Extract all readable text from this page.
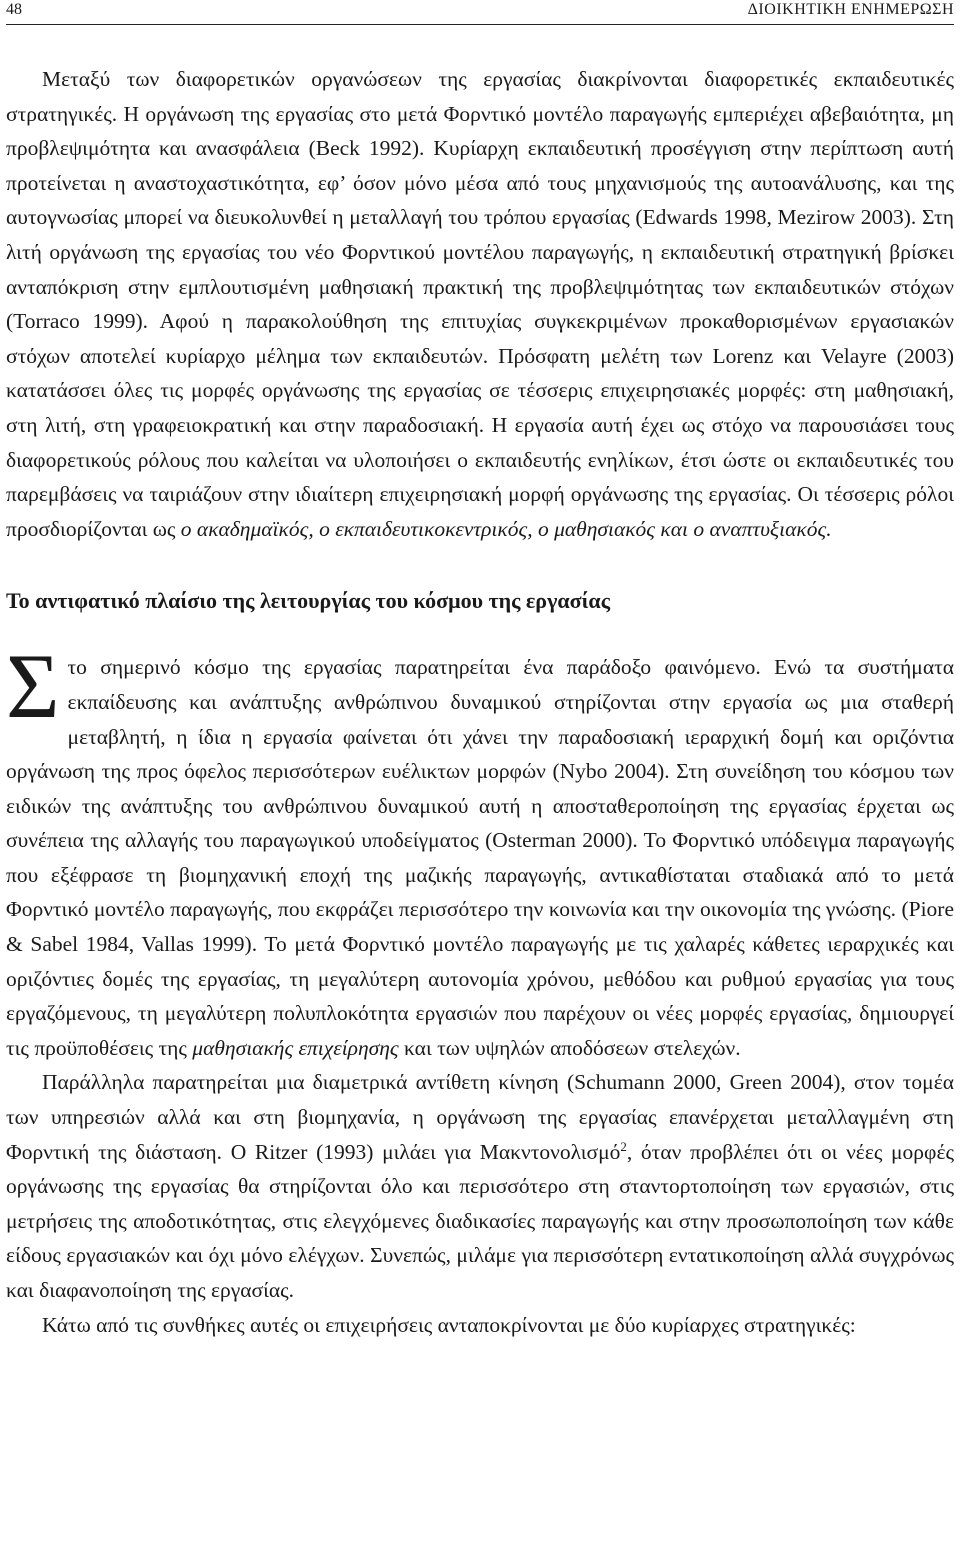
48	ΔΙΟΙΚΗΤΙΚΗ ΕΝΗΜΕΡΩΣΗ

Μεταξύ των διαφορετικών οργανώσεων της εργασίας διακρίνονται διαφορετικές εκπαιδευτικές στρατηγικές. Η οργάνωση της εργασίας στο μετά Φορντικό μοντέλο παραγωγής εμπεριέχει αβεβαιότητα, μη προβλεψιμότητα και ανασφάλεια (Beck 1992). Κυρίαρχη εκπαιδευτική προσέγγιση στην περίπτωση αυτή προτείνεται η αναστοχαστικότητα, εφ’ όσον μόνο μέσα από τους μηχανισμούς της αυτοανάλυσης, και της αυτογνωσίας μπορεί να διευκολυνθεί η μεταλλαγή του τρόπου εργασίας (Edwards 1998, Mezirow 2003). Στη λιτή οργάνωση της εργασίας του νέο Φορντικού μοντέλου παραγωγής, η εκπαιδευτική στρατηγική βρίσκει ανταπόκριση στην εμπλουτισμένη μαθησιακή πρακτική της προβλεψιμότητας των εκπαιδευτικών στόχων (Torraco 1999). Αφού η παρακολούθηση της επιτυχίας συγκεκριμένων προκαθορισμένων εργασιακών στόχων αποτελεί κυρίαρχο μέλημα των εκπαιδευτών. Πρόσφατη μελέτη των Lorenz και Velayre (2003) κατατάσσει όλες τις μορφές οργάνωσης της εργασίας σε τέσσερις επιχειρησιακές μορφές: στη μαθησιακή, στη λιτή, στη γραφειοκρατική και στην παραδοσιακή. Η εργασία αυτή έχει ως στόχο να παρουσιάσει τους διαφορετικούς ρόλους που καλείται να υλοποιήσει ο εκπαιδευτής ενηλίκων, έτσι ώστε οι εκπαιδευτικές του παρεμβάσεις να ταιριάζουν στην ιδιαίτερη επιχειρησιακή μορφή οργάνωσης της εργασίας. Οι τέσσερις ρόλοι προσδιορίζονται ως ο ακαδημαϊκός, ο εκπαιδευτικοκεντρικός, ο μαθησιακός και ο αναπτυξιακός.

Το αντιφατικό πλαίσιο της λειτουργίας του κόσμου της εργασίας

Στο σημερινό κόσμο της εργασίας παρατηρείται ένα παράδοξο φαινόμενο. Ενώ τα συστήματα εκπαίδευσης και ανάπτυξης ανθρώπινου δυναμικού στηρίζονται στην εργασία ως μια σταθερή μεταβλητή, η ίδια η εργασία φαίνεται ότι χάνει την παραδοσιακή ιεραρχική δομή και οριζόντια οργάνωση της προς όφελος περισσότερων ευέλικτων μορφών (Nybo 2004). Στη συνείδηση του κόσμου των ειδικών της ανάπτυξης του ανθρώπινου δυναμικού αυτή η αποσταθεροποίηση της εργασίας έρχεται ως συνέπεια της αλλαγής του παραγωγικού υποδείγματος (Osterman 2000). Το Φορντικό υπόδειγμα παραγωγής που εξέφρασε τη βιομηχανική εποχή της μαζικής παραγωγής, αντικαθίσταται σταδιακά από το μετά Φορντικό μοντέλο παραγωγής, που εκφράζει περισσότερο την κοινωνία και την οικονομία της γνώσης. (Piore & Sabel 1984, Vallas 1999). Το μετά Φορντικό μοντέλο παραγωγής με τις χαλαρές κάθετες ιεραρχικές και οριζόντιες δομές της εργασίας, τη μεγαλύτερη αυτονομία χρόνου, μεθόδου και ρυθμού εργασίας για τους εργαζόμενους, τη μεγαλύτερη πολυπλοκότητα εργασιών που παρέχουν οι νέες μορφές εργασίας, δημιουργεί τις προϋποθέσεις της μαθησιακής επιχείρησης και των υψηλών αποδόσεων στελεχών.

Παράλληλα παρατηρείται μια διαμετρικά αντίθετη κίνηση (Schumann 2000, Green 2004), στον τομέα των υπηρεσιών αλλά και στη βιομηχανία, η οργάνωση της εργασίας επανέρχεται μεταλλαγμένη στη Φορντική της διάσταση. Ο Ritzer (1993) μιλάει για Μακντονολισμό$^2$, όταν προβλέπει ότι οι νέες μορφές οργάνωσης της εργασίας θα στηρίζονται όλο και περισσότερο στη σταντορτοποίηση των εργασιών, στις μετρήσεις της αποδοτικότητας, στις ελεγχόμενες διαδικασίες παραγωγής και στην προσωποποίηση των κάθε είδους εργασιακών και όχι μόνο ελέγχων. Συνεπώς, μιλάμε για περισσότερη εντατικοποίηση αλλά συγχρόνως και διαφανοποίηση της εργασίας.

Κάτω από τις συνθήκες αυτές οι επιχειρήσεις ανταποκρίνονται με δύο κυρίαρχες στρατηγικές:
